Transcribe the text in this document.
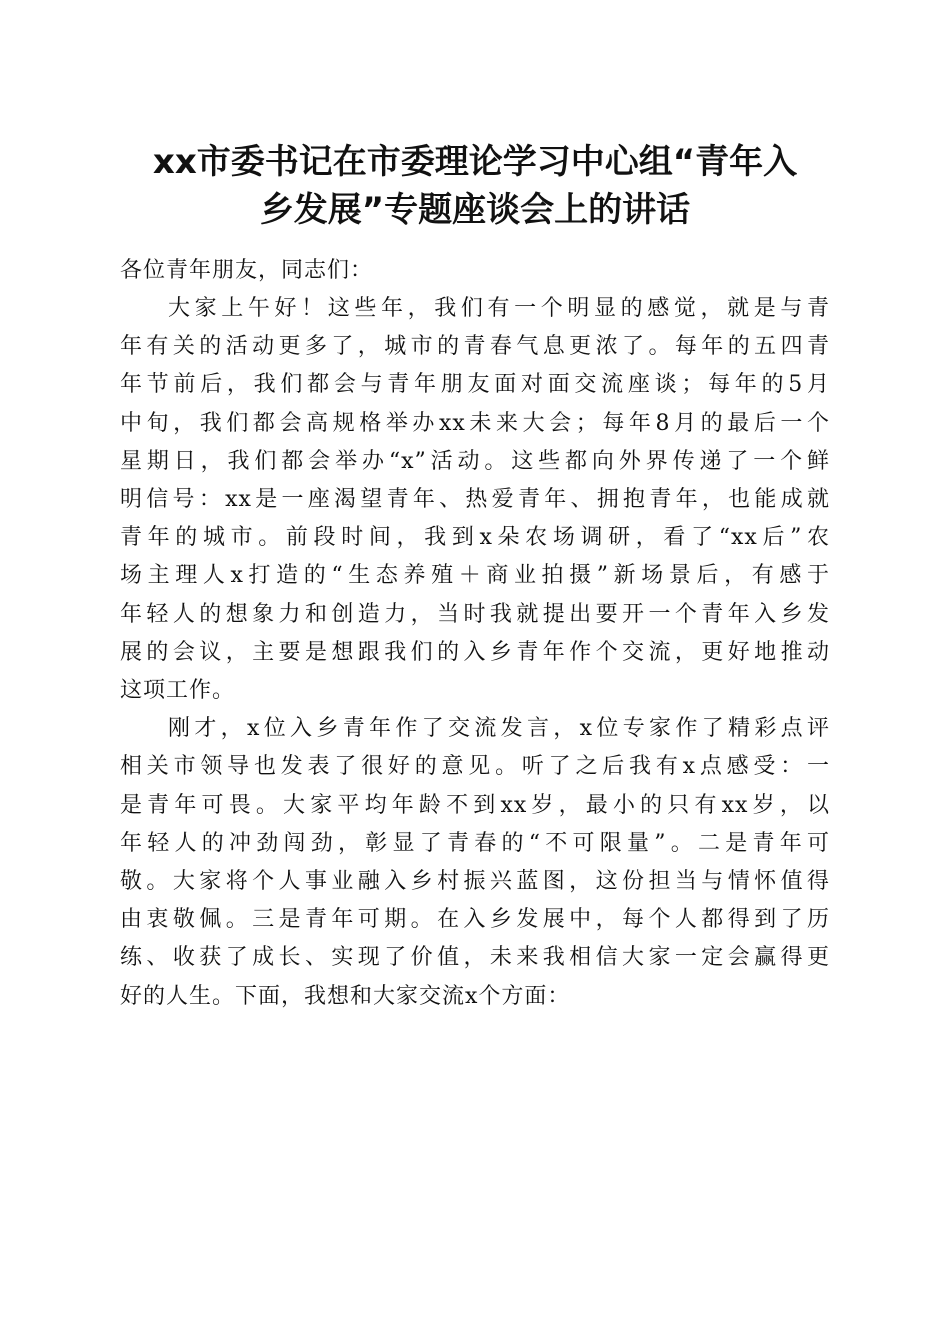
xx市委书记在市委理论学习中心组“青年入
乡发展”专题座谈会上的讲话

各位青年朋友，同志们：

大家上午好！这些年，我们有一个明显的感觉，就是与青
年有关的活动更多了，城市的青春气息更浓了。每年的五四青
年节前后，我们都会与青年朋友面对面交流座谈；每年的5月
中旬，我们都会高规格举办xx未来大会；每年8月的最后一个
星期日，我们都会举办“x”活动。这些都向外界传递了一个鲜
明信号：xx是一座渴望青年、热爱青年、拥抱青年，也能成就
青年的城市。前段时间，我到x朵农场调研，看了“xx后”农
场主理人x打造的“生态养殖＋商业拍摄”新场景后，有感于
年轻人的想象力和创造力，当时我就提出要开一个青年入乡发
展的会议，主要是想跟我们的入乡青年作个交流，更好地推动
这项工作。
刚才，x位入乡青年作了交流发言，x位专家作了精彩点评
相关市领导也发表了很好的意见。听了之后我有x点感受：一
是青年可畏。大家平均年龄不到xx岁，最小的只有xx岁，以
年轻人的冲劲闯劲，彰显了青春的“不可限量”。二是青年可
敬。大家将个人事业融入乡村振兴蓝图，这份担当与情怀值得
由衷敬佩。三是青年可期。在入乡发展中，每个人都得到了历
练、收获了成长、实现了价值，未来我相信大家一定会赢得更
好的人生。下面，我想和大家交流x个方面：
